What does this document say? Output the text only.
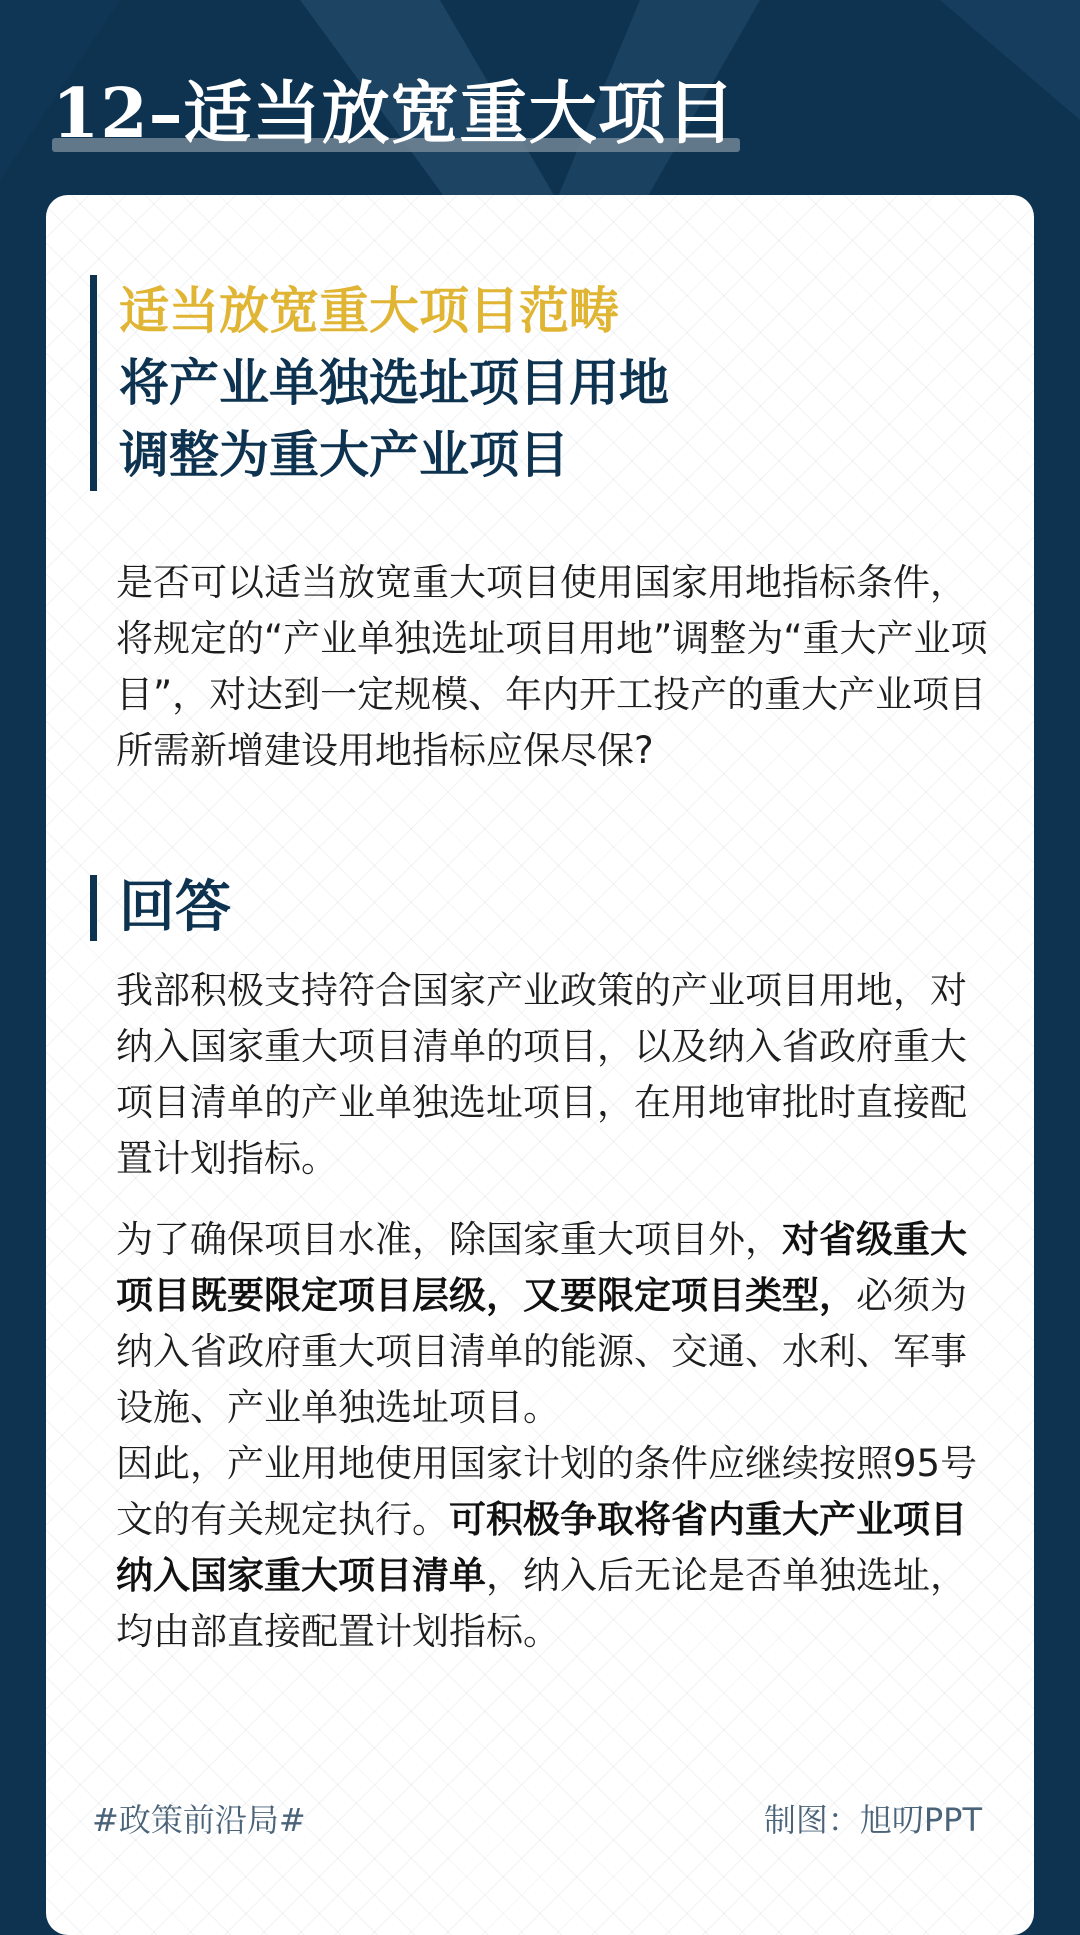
12–适当放宽重大项目

适当放宽重大项目范畴

将产业单独选址项目用地

调整为重大产业项目

是否可以适当放宽重大项目使用国家用地指标条件，将规定的“产业单独选址项目用地”调整为“重大产业项目”，对达到一定规模、年内开工投产的重大产业项目所需新增建设用地指标应保尽保?

回答

我部积极支持符合国家产业政策的产业项目用地，对纳入国家重大项目清单的项目，以及纳入省政府重大项目清单的产业单独选址项目，在用地审批时直接配置计划指标。

为了确保项目水准，除国家重大项目外，对省级重大项目既要限定项目层级，又要限定项目类型，必须为纳入省政府重大项目清单的能源、交通、水利、军事设施、产业单独选址项目。

因此，产业用地使用国家计划的条件应继续按照95号文的有关规定执行。可积极争取将省内重大产业项目纳入国家重大项目清单，纳入后无论是否单独选址，均由部直接配置计划指标。

#政策前沿局#	制图：旭叨PPT
